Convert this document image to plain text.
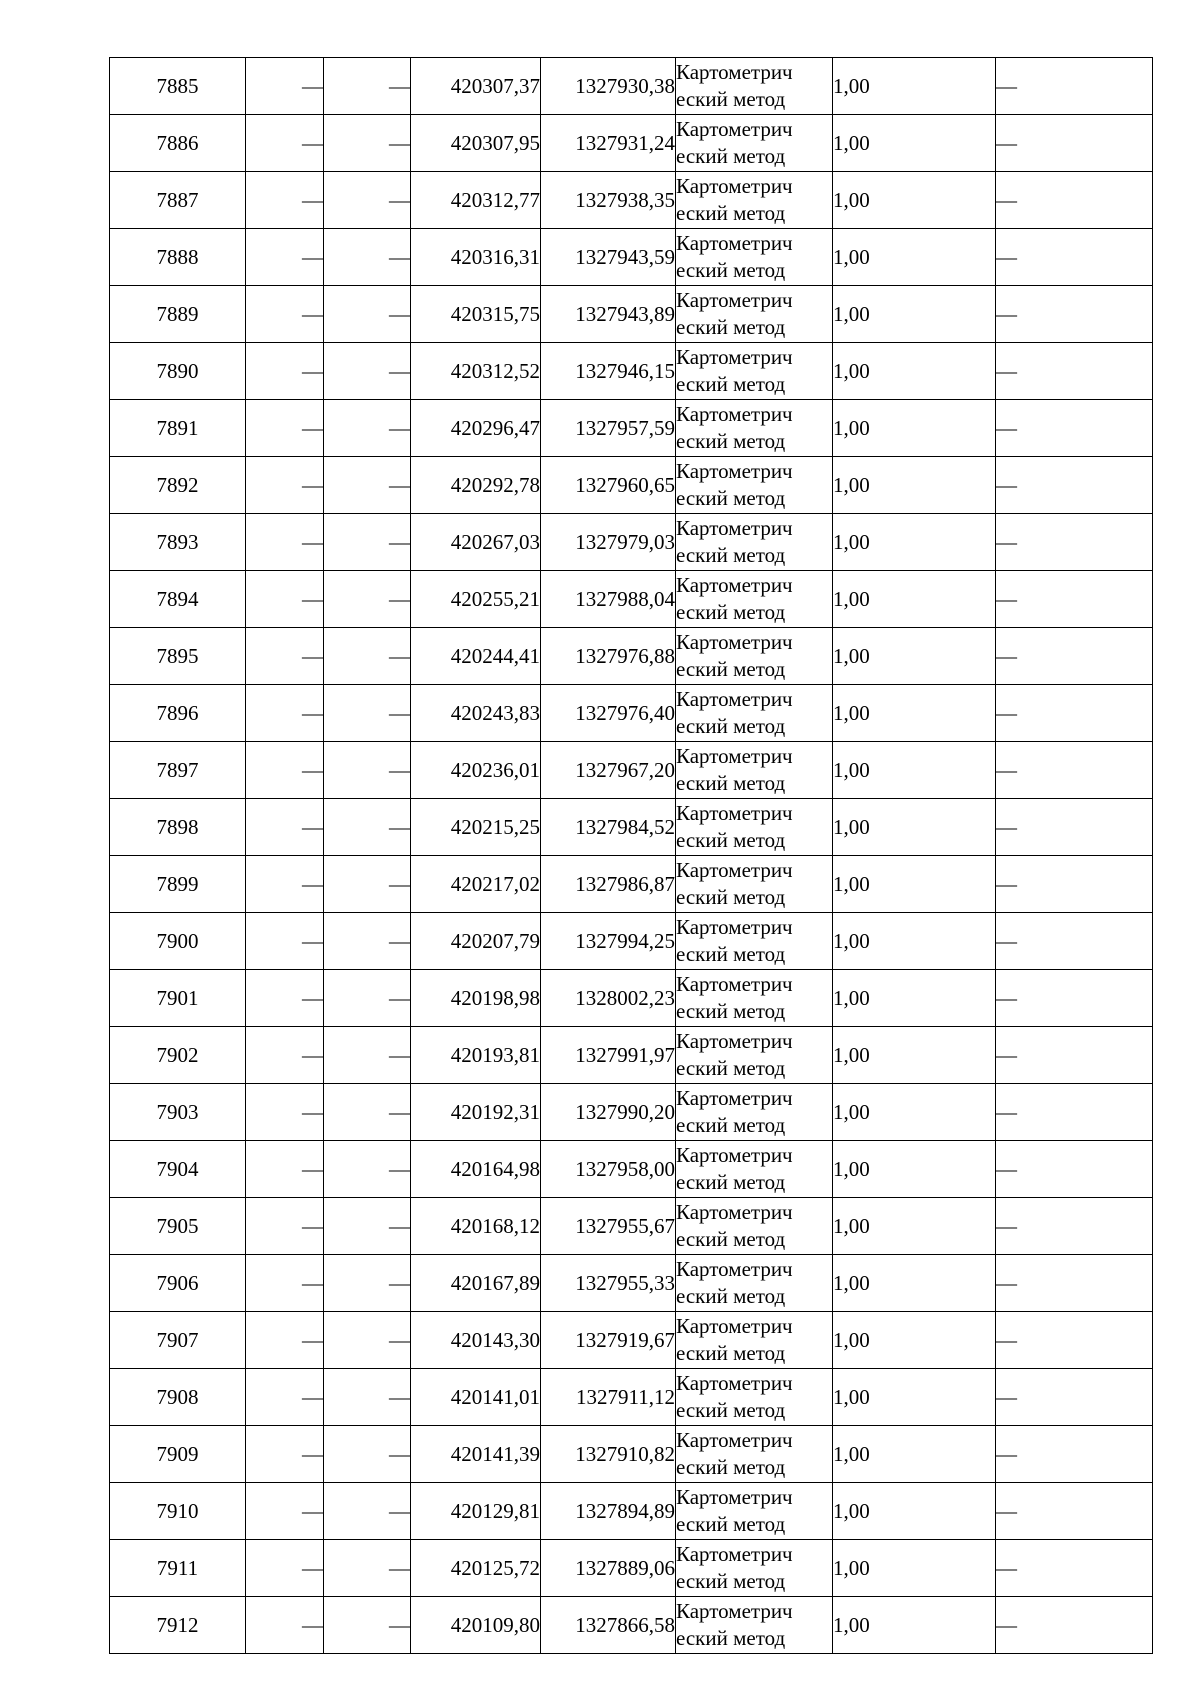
7885	—	—	420307,37	1327930,38	Картометрич
еский метод	1,00	—
7886	—	—	420307,95	1327931,24	Картометрич
еский метод	1,00	—
7887	—	—	420312,77	1327938,35	Картометрич
еский метод	1,00	—
7888	—	—	420316,31	1327943,59	Картометрич
еский метод	1,00	—
7889	—	—	420315,75	1327943,89	Картометрич
еский метод	1,00	—
7890	—	—	420312,52	1327946,15	Картометрич
еский метод	1,00	—
7891	—	—	420296,47	1327957,59	Картометрич
еский метод	1,00	—
7892	—	—	420292,78	1327960,65	Картометрич
еский метод	1,00	—
7893	—	—	420267,03	1327979,03	Картометрич
еский метод	1,00	—
7894	—	—	420255,21	1327988,04	Картометрич
еский метод	1,00	—
7895	—	—	420244,41	1327976,88	Картометрич
еский метод	1,00	—
7896	—	—	420243,83	1327976,40	Картометрич
еский метод	1,00	—
7897	—	—	420236,01	1327967,20	Картометрич
еский метод	1,00	—
7898	—	—	420215,25	1327984,52	Картометрич
еский метод	1,00	—
7899	—	—	420217,02	1327986,87	Картометрич
еский метод	1,00	—
7900	—	—	420207,79	1327994,25	Картометрич
еский метод	1,00	—
7901	—	—	420198,98	1328002,23	Картометрич
еский метод	1,00	—
7902	—	—	420193,81	1327991,97	Картометрич
еский метод	1,00	—
7903	—	—	420192,31	1327990,20	Картометрич
еский метод	1,00	—
7904	—	—	420164,98	1327958,00	Картометрич
еский метод	1,00	—
7905	—	—	420168,12	1327955,67	Картометрич
еский метод	1,00	—
7906	—	—	420167,89	1327955,33	Картометрич
еский метод	1,00	—
7907	—	—	420143,30	1327919,67	Картометрич
еский метод	1,00	—
7908	—	—	420141,01	1327911,12	Картометрич
еский метод	1,00	—
7909	—	—	420141,39	1327910,82	Картометрич
еский метод	1,00	—
7910	—	—	420129,81	1327894,89	Картометрич
еский метод	1,00	—
7911	—	—	420125,72	1327889,06	Картометрич
еский метод	1,00	—
7912	—	—	420109,80	1327866,58	Картометрич
еский метод	1,00	—
